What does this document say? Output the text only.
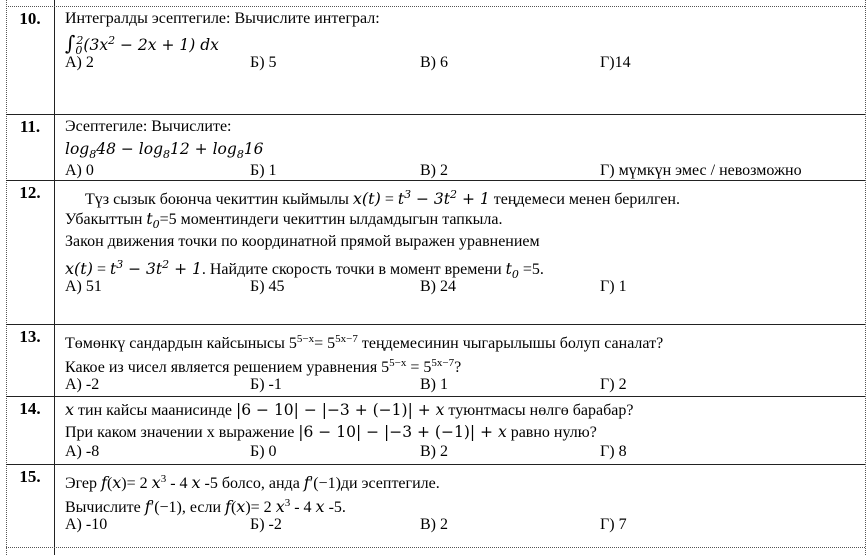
10.	Интегралды эсептегиле: Вычислите интеграл:
$\int_0^2(3x^2 - 2x + 1)$ dx
А) 2	Б) 5	В) 6	Г)14
11.	Эсептегиле: Вычислите:
$\log_848 - \log_812 + \log_816$
А) 0	Б) 1	В) 2	Г) мүмкүн эмес / невозможно
12.	Түз сызык боюнча чекиттин кыймылы $x(t) = t^3 - 3t^2 + 1$ теңдемеси менен берилген.
Убакыттын $t_0=5$ моментиндеги чекиттин ылдамдыгын тапкыла.
Закон движения точки по координатной прямой выражен уравнением
$x(t) = t^3 - 3t^2 + 1$. Найдите скорость точки в момент времени $t_0 =5$.
А) 51	Б) 45	В) 24	Г) 1
13.	Төмөнкү сандардын кайсынысы $5^{5-x}= 5^{5x-7}$ теңдемесинин чыгарылышы болуп саналат?
Какое из чисел является решением уравнения $5^{5-x} = 5^{5x-7}$?
А) -2	Б) -1	В) 1	Г) 2
14.	x тин кайсы маанисинде |6 − 10| − |−3 + (−1)| + x туюнтмасы нөлгө барабар?
При каком значении х выражение |6 − 10| − |−3 + (−1)| + x равно нулю?
А) -8	Б) 0	В) 2	Г) 8
15.	Эгер f(x)= 2 $x^3 - 4$ x -5 болсо, анда f′(−1)ди эсептегиле.
Вычислите f′(−1), если f(x)= 2 $x^3 - 4$ x -5.
А) -10	Б) -2	В) 2	Г) 7
